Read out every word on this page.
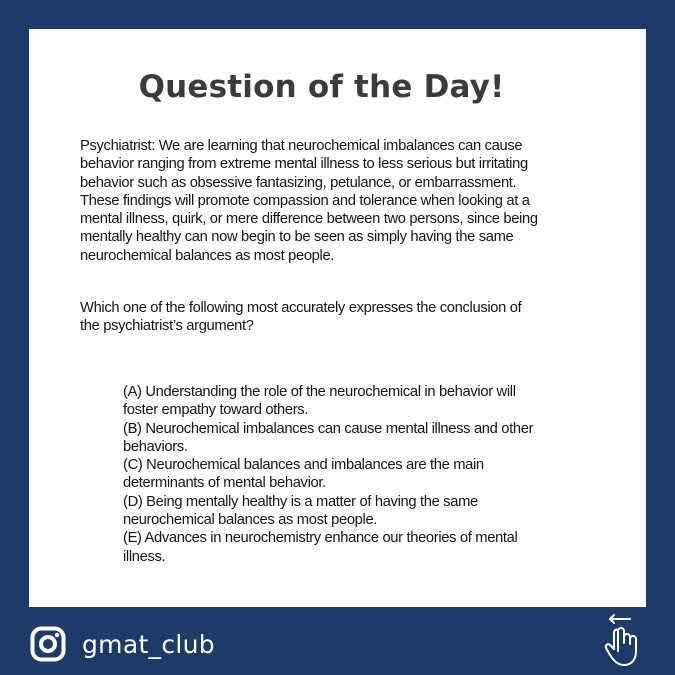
Question of the Day!
Psychiatrist: We are learning that neurochemical imbalances can cause
behavior ranging from extreme mental illness to less serious but irritating
behavior such as obsessive fantasizing, petulance, or embarrassment.
These findings will promote compassion and tolerance when looking at a
mental illness, quirk, or mere difference between two persons, since being
mentally healthy can now begin to be seen as simply having the same
neurochemical balances as most people.
Which one of the following most accurately expresses the conclusion of
the psychiatrist’s argument?
(A) Understanding the role of the neurochemical in behavior will
foster empathy toward others.
(B) Neurochemical imbalances can cause mental illness and other
behaviors.
(C) Neurochemical balances and imbalances are the main
determinants of mental behavior.
(D) Being mentally healthy is a matter of having the same
neurochemical balances as most people.
(E) Advances in neurochemistry enhance our theories of mental
illness.
gmat_club
